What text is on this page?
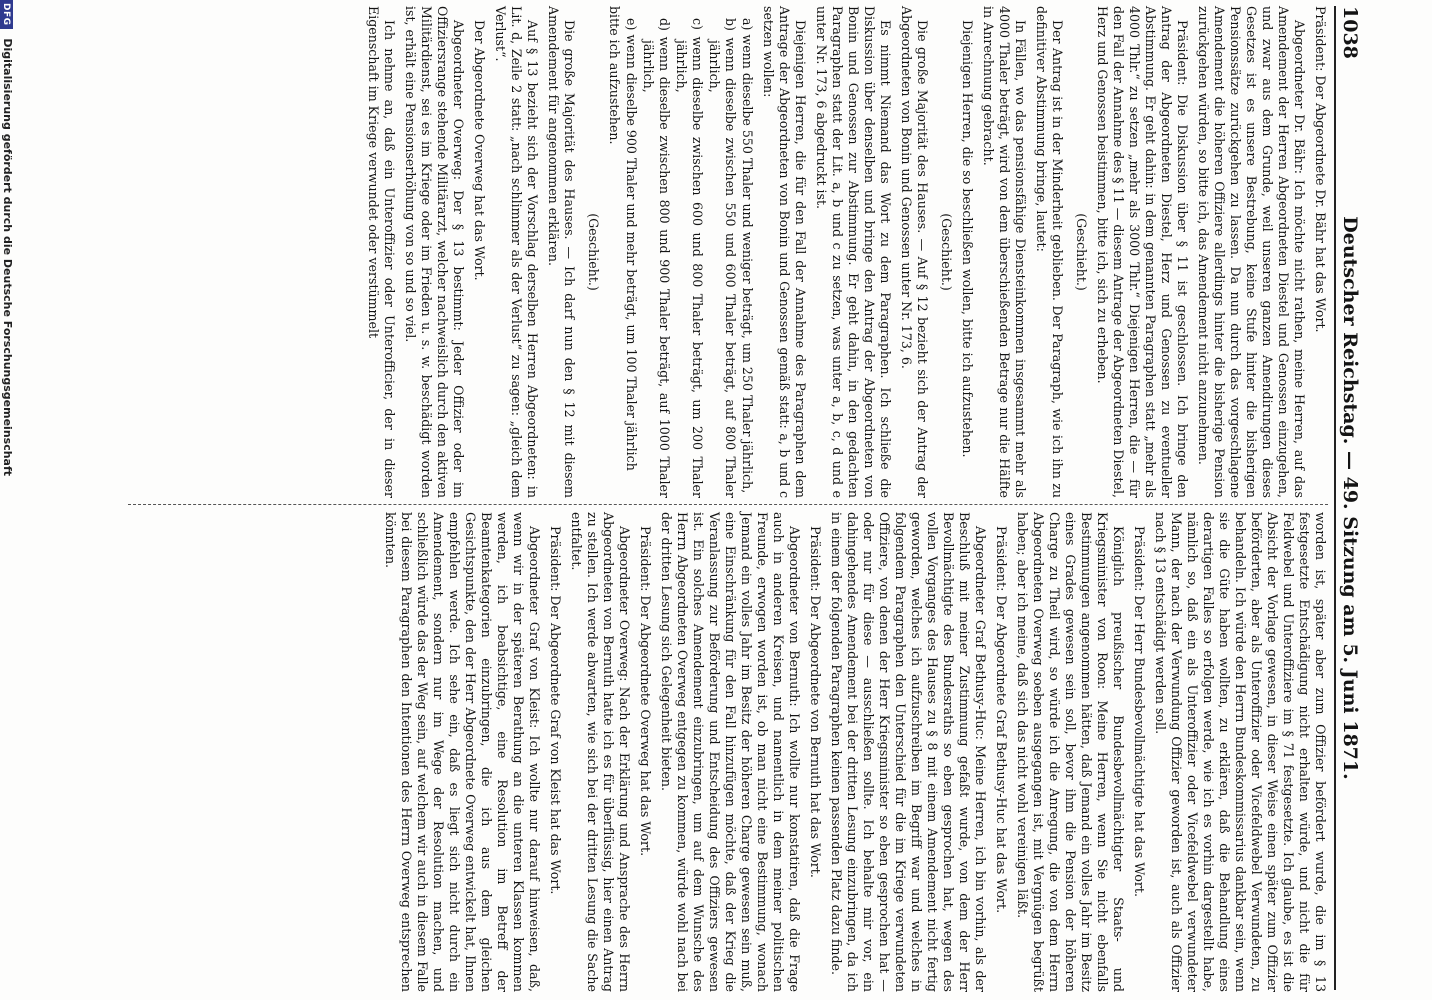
1038
Deutscher Reichstag. — 49. Sitzung am 5. Juni 1871.

Präsident: Der Abgeordnete Dr. Bähr hat das Wort.

Abgeordneter Dr. Bähr: Ich möchte nicht rathen, meine Herren, auf das Amendement der Herren Abgeordneten Diestel und Genossen einzugehen, und zwar aus dem Grunde, weil unseren ganzen Amendirungen dieses Gesetzes ist es unsere Bestrebung, keine Stufe hinter die bisherigen Pensionssätze zurückgehen zu lassen. Da nun durch das vorgeschlagene Amendement die höheren Offiziere allerdings hinter die bisherige Pension zurückgehen würden, so bitte ich, das Amendement nicht anzunehmen.

Präsident: Die Diskussion über § 11 ist geschlossen. Ich bringe den Antrag der Abgeordneten Diestel, Herz und Genossen zu eventueller Abstimmung. Er geht dahin: in dem genannten Paragraphen statt „mehr als 4000 Thlr.“ zu setzen „mehr als 3000 Thlr.“ Diejenigen Herren, die — für den Fall der Annahme des § 11 — diesem Antrage der Abgeordneten Diestel, Herz und Genossen beistimmen, bitte ich, sich zu erheben.

(Geschieht.)

Der Antrag ist in der Minderheit geblieben. Der Paragraph, wie ich ihn zu definitiver Abstimmung bringe, lautet:

In Fällen, wo das pensionsfähige Diensteinkommen insgesammt mehr als 4000 Thaler beträgt, wird von dem überschießenden Betrage nur die Hälfte in Anrechnung gebracht.

Diejenigen Herren, die so beschließen wollen, bitte ich aufzustehen.

(Geschieht.)

Die große Majorität des Hauses. — Auf § 12 bezieht sich der Antrag der Abgeordneten von Bonin und Genossen unter Nr. 173, 6.

Es nimmt Niemand das Wort zu dem Paragraphen. Ich schließe die Diskussion über denselben und bringe den Antrag der Abgeordneten von Bonin und Genossen zur Abstimmung. Er geht dahin, in den gedachten Paragraphen statt der Lit. a, b und c zu setzen, was unter a, b, c, d und e unter Nr. 173, 6 abgedruckt ist.

Diejenigen Herren, die für den Fall der Annahme des Paragraphen dem Antrage der Abgeordneten von Bonin und Genossen gemäß statt: a, b und c setzen wollen:

a) wenn dieselbe 550 Thaler und weniger beträgt, um 250 Thaler jährlich,

b) wenn dieselbe zwischen 550 und 600 Thaler beträgt, auf 800 Thaler jährlich,

c) wenn dieselbe zwischen 600 und 800 Thaler beträgt, um 200 Thaler jährlich,

d) wenn dieselbe zwischen 800 und 900 Thaler beträgt, auf 1000 Thaler jährlich,

e) wenn dieselbe 900 Thaler und mehr beträgt, um 100 Thaler jährlich

bitte ich aufzustehen.

(Geschieht.)

Die große Majorität des Hauses. — Ich darf nun den § 12 mit diesem Amendement für angenommen erklären.

Auf § 13 bezieht sich der Vorschlag derselben Herren Abgeordneten: in Lit. d, Zeile 2 statt: „nach schlimmer als der Verlust“ zu sagen: „gleich dem Verlust“.

Der Abgeordnete Overweg hat das Wort.

Abgeordneter Overweg: Der § 13 bestimmt: Jeder Offizier oder im Offiziersrange stehende Militärarzt, welcher nachweislich durch den aktiven Militärdienst, sei es im Kriege oder im Frieden u. s. w. beschädigt worden ist, erhält eine Pensionserhöhung von so und so viel.

Ich nehme an, daß ein Unteroffizier oder Unterofficier, der in dieser Eigenschaft im Kriege verwundet oder verstümmelt

worden ist, später aber zum Offizier befördert wurde, die im § 13 festgesetzte Entschädigung nicht erhalten würde, und nicht die für Feldwebel und Unteroffiziere im § 71 festgesetzte. Ich glaube, es ist die Absicht der Vorlage gewesen, in dieser Weise einen später zum Offizier beförderten, aber als Unteroffizier oder Vicefeldwebel Verwundeten, zu behandeln. Ich würde den Herrn Bundeskommissarius dankbar sein, wenn sie die Güte haben wollten, zu erklären, daß die Behandlung eines derartigen Falles so erfolgen werde, wie ich es vorhin dargestellt habe, nämlich so, daß ein als Unteroffizier oder Vicefeldwebel verwundeter Mann, der nach der Verwundung Offizier geworden ist, auch als Offizier nach § 13 entschädigt werden soll.

Präsident: Der Herr Bundesbevollmächtigte hat das Wort.

Königlich preußischer Bundesbevollmächtigter Staats- und Kriegsminister von Roon: Meine Herren, wenn Sie nicht ebenfalls Bestimmungen angenommen hätten, daß Jemand ein volles Jahr im Besitz eines Grades gewesen sein soll, bevor ihm die Pension der höheren Charge zu Theil wird, so würde ich die Anregung, die von dem Herrn Abgeordneten Overweg soeben ausgegangen ist, mit Vergnügen begrüßt haben; aber ich meine, daß sich das nicht wohl vereinigen läßt.

Präsident: Der Abgeordnete Graf Bethusy-Huc hat das Wort.

Abgeordneter Graf Bethusy-Huc: Meine Herren, ich bin vorhin, als der Beschluß mit meiner Zustimmung gefaßt wurde, von dem der Herr Bevollmächtigte des Bundesraths so eben gesprochen hat, wegen des vollen Vorganges des Hauses zu § 8 mit einem Amendement nicht fertig geworden, welches ich aufzuschreiben im Begriff war und welches in folgendem Paragraphen den Unterschied für die im Kriege verwundeten Offiziere, von denen der Herr Kriegsminister so eben gesprochen hat — oder nur für diese — ausschließen sollte. Ich behalte mir vor, ein dahingehendes Amendement bei der dritten Lesung einzubringen, da ich in einem der folgenden Paragraphen keinen passenden Platz dazu finde.

Präsident: Der Abgeordnete von Bernuth hat das Wort.

Abgeordneter von Bernuth: Ich wollte nur konstatiren, daß die Frage auch in anderen Kreisen, und namentlich in dem meiner politischen Freunde, erwogen worden ist, ob man nicht eine Bestimmung, wonach Jemand ein volles Jahr im Besitz der höheren Charge gewesen sein muß, eine Einschränkung für den Fall hinzufügen möchte, daß der Krieg die Veranlassung zur Beförderung und Entscheidung des Offiziers gewesen ist. Ein solches Amendement einzubringen, um auf dem Wunsche des Herrn Abgeordneten Overweg entgegen zu kommen, würde wohl nach bei der dritten Lesung sich Gelegenheit bieten.

Präsident: Der Abgeordnete Overweg hat das Wort.

Abgeordneter Overweg: Nach der Erklärung und Ansprache des Herrn Abgeordneten von Bernuth hatte ich es für überflüssig, hier einen Antrag zu stellen. Ich werde abwarten, wie sich bei der dritten Lesung die Sache entfaltet.

Präsident: Der Abgeordnete Graf von Kleist hat das Wort.

Abgeordneter Graf von Kleist: Ich wollte nur darauf hinweisen, daß, wenn wir in der späteren Berathung an die unteren Klassen kommen werden, ich beabsichtige, eine Resolution im Betreff der Beamtenkategorien einzubringen, die ich aus dem gleichen Gesichtspunkte, den der Herr Abgeordnete Overweg entwickelt hat, Ihnen empfehlen werde. Ich sehe ein, daß es liegt sich nicht durch ein Amendement, sondern nur im Wege der Resolution machen, und schließlich würde das der Weg sein, auf welchem wir auch in diesem Falle bei diesem Paragraphen den Intentionen des Herrn Overweg entsprechen könnten.

DFG Digitalisierung gefördert durch die Deutsche Forschungsgemeinschaft
